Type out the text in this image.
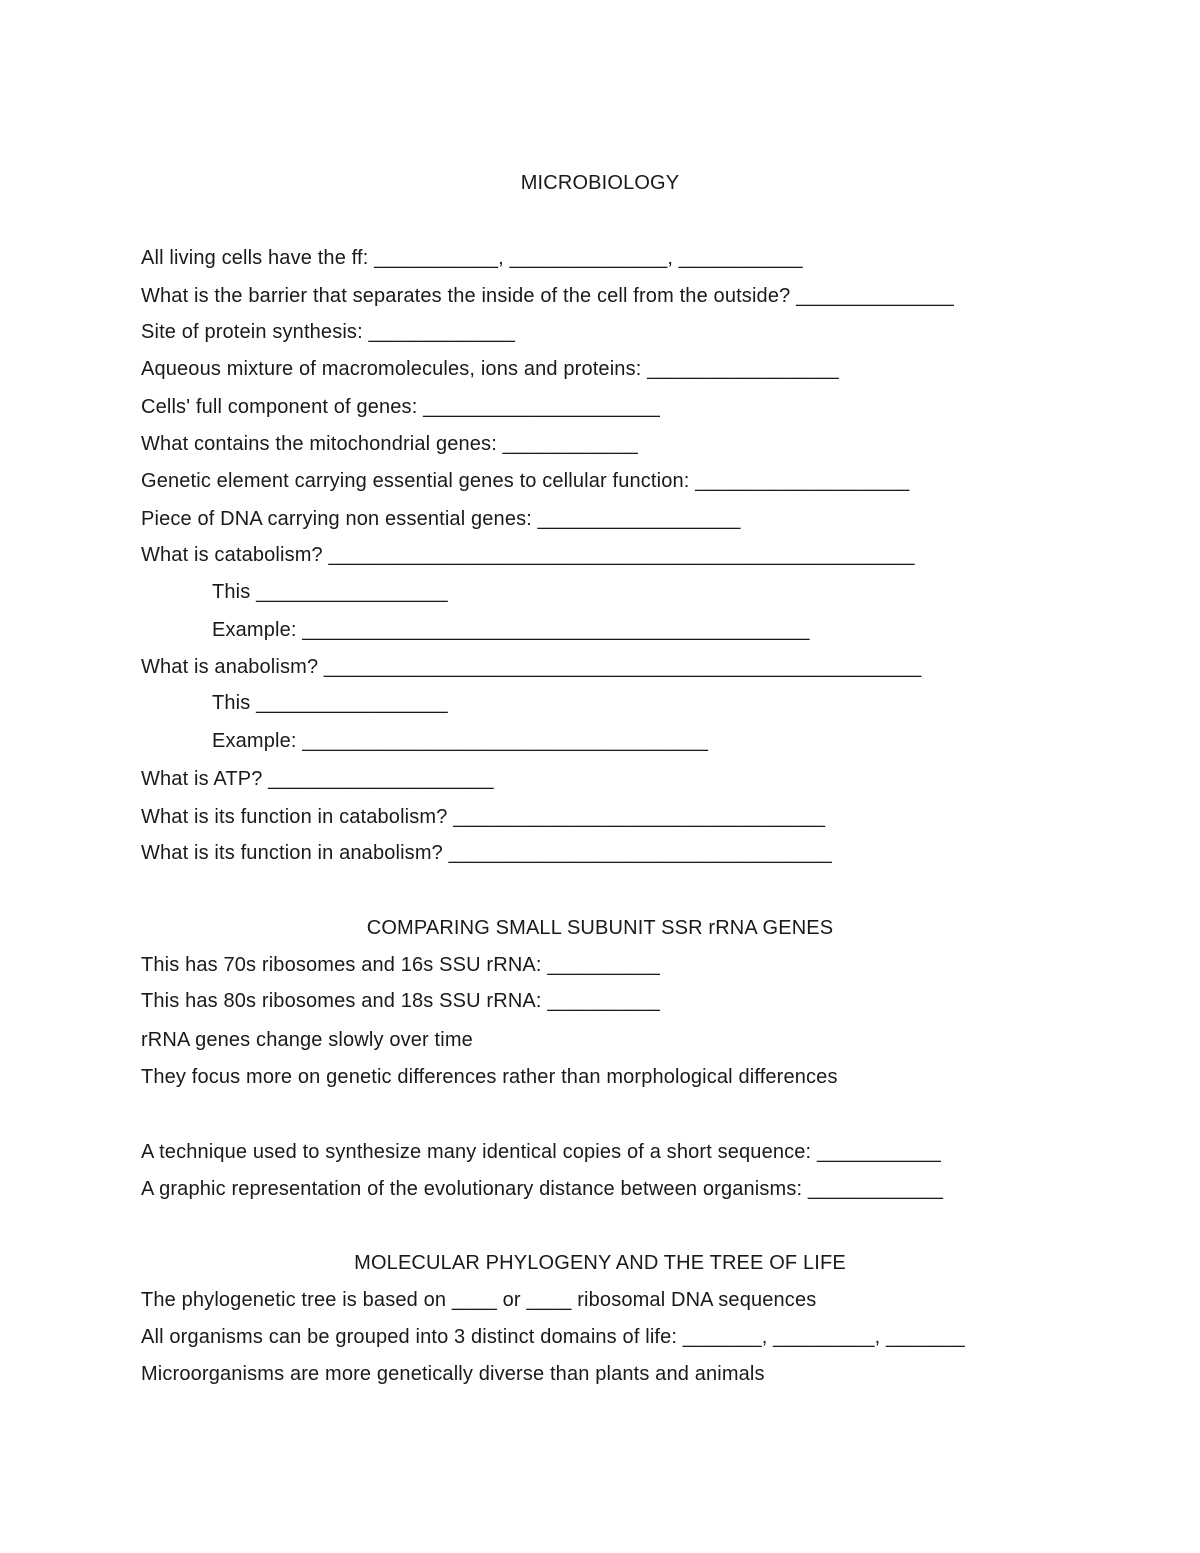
MICROBIOLOGY
All living cells have the ff: ___________, ______________, ___________
What is the barrier that separates the inside of the cell from the outside? ______________
Site of protein synthesis: _____________
Aqueous mixture of macromolecules, ions and proteins: _________________
Cells' full component of genes: _____________________
What contains the mitochondrial genes: ____________
Genetic element carrying essential genes to cellular function: ___________________
Piece of DNA carrying non essential genes: __________________
What is catabolism? ____________________________________________________
This _________________
Example: _____________________________________________
What is anabolism? _____________________________________________________
This _________________
Example: ____________________________________
What is ATP? ____________________
What is its function in catabolism? _________________________________
What is its function in anabolism? __________________________________
COMPARING SMALL SUBUNIT SSR rRNA GENES
This has 70s ribosomes and 16s SSU rRNA: __________
This has 80s ribosomes and 18s SSU rRNA: __________
rRNA genes change slowly over time
They focus more on genetic differences rather than morphological differences
A technique used to synthesize many identical copies of a short sequence: ___________
A graphic representation of the evolutionary distance between organisms: ____________
MOLECULAR PHYLOGENY AND THE TREE OF LIFE
The phylogenetic tree is based on ____ or ____ ribosomal DNA sequences
All organisms can be grouped into 3 distinct domains of life: _______, _________, _______
Microorganisms are more genetically diverse than plants and animals
